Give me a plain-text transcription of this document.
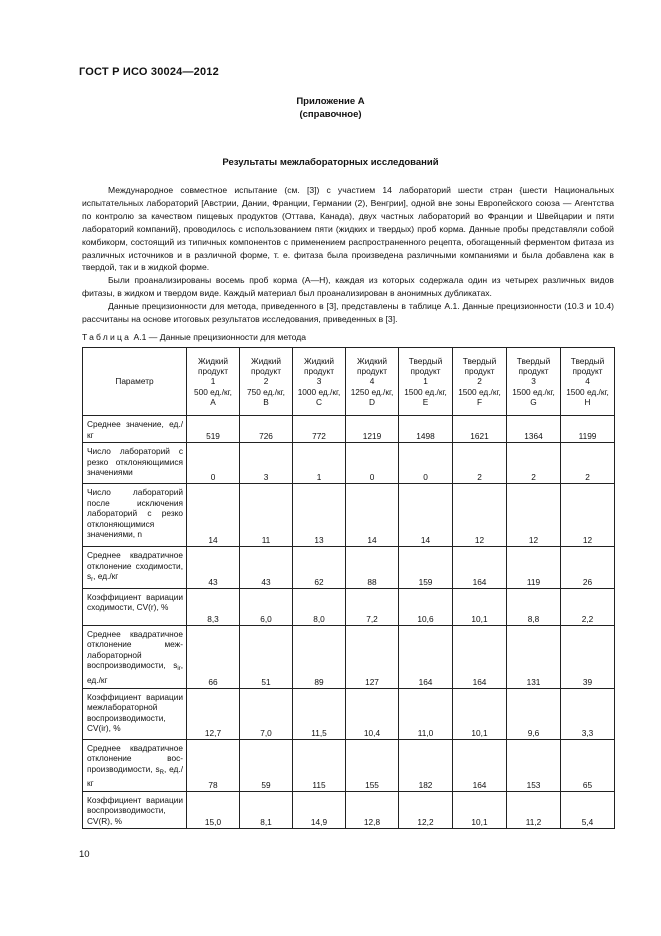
ГОСТ Р ИСО 30024—2012
Приложение А
(справочное)
Результаты межлабораторных исследований

Международное совместное испытание (см. [3]) с участием 14 лабораторий шести стран {шести Национальных испытательных лабораторий [Австрии, Дании, Франции, Германии (2), Венгрии], одной вне зоны Европейского союза — Агентства по контролю за качеством пищевых продуктов (Оттава, Канада), двух частных лабораторий во Франции и Швейцарии и пяти лабораторий компаний}, проводилось с использованием пяти (жидких и твердых) проб корма. Данные пробы представляли собой комбикорм, состоящий из типичных компонентов с применением распространенного рецепта, обогащенный ферментом фитаза из различных источников и в различной форме, т. е. фитаза была произведена различными компаниями и была добавлена как в твердой, так и в жидкой форме.

Были проанализированы восемь проб корма (А—Н), каждая из которых содержала один из четырех различных видов фитазы, в жидком и твердом виде. Каждый материал был проанализирован в анонимных дубликатах.

Данные прецизионности для метода, приведенного в [3], представлены в таблице А.1. Данные прецизионности (10.3 и 10.4) рассчитаны на основе итоговых результатов исследования, приведенных в [3].

Таблица А.1 — Данные прецизионности для метода
Параметр	Жидкий
продукт
1
500 ед./кг,
A	Жидкий
продукт
2
750 ед./кг,
B	Жидкий
продукт
3
1000 ед./кг,
C	Жидкий
продукт
4
1250 ед./кг,
D	Твердый
продукт
1
1500 ед./кг,
E	Твердый
продукт
2
1500 ед./кг,
F	Твердый
продукт
3
1500 ед./кг,
G	Твердый
продукт
4
1500 ед./кг,
H
Среднее значение, ед./кг	519	726	772	1219	1498	1621	1364	1199
Число лабораторий с резко отклоняющимися значениями	0	3	1	0	0	2	2	2
Число лабораторий после исключения лабораторий с резко отклоняющимися значениями, n	14	11	13	14	14	12	12	12
Среднее квадратичное отклонение сходимости, $s_r$, ед./кг	43	43	62	88	159	164	119	26
Коэффициент вариации сходимости, CV(r), %	8,3	6,0	8,0	7,2	10,6	10,1	8,8	2,2
Среднее квадратичное отклонение межлабораторной воспроизводимости, $s_{ir}$, ед./кг	66	51	89	127	164	164	131	39
Коэффициент вариации межлабораторной воспроизводимости, CV(ir), %	12,7	7,0	11,5	10,4	11,0	10,1	9,6	3,3
Среднее квадратичное отклонение воспроизводимости, $s_R$, ед./кг	78	59	115	155	182	164	153	65
Коэффициент вариации воспроизводимости, CV(R), %	15,0	8,1	14,9	12,8	12,2	10,1	11,2	5,4
10
